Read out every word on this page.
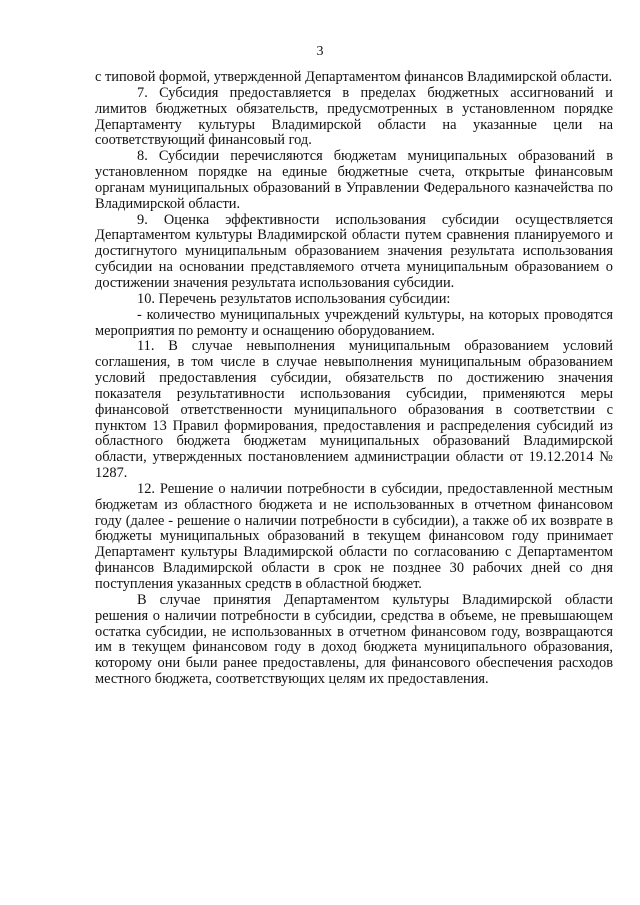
3

с типовой формой, утвержденной Департаментом финансов Владимирской области.

7. Субсидия предоставляется в пределах бюджетных ассигнований и лимитов бюджетных обязательств, предусмотренных в установленном порядке Департаменту культуры Владимирской области на указанные цели на соответствующий финансовый год.

8. Субсидии перечисляются бюджетам муниципальных образований в установленном порядке на единые бюджетные счета, открытые финансовым органам муниципальных образований в Управлении Федерального казначейства по Владимирской области.

9. Оценка эффективности использования субсидии осуществляется Департаментом культуры Владимирской области путем сравнения планируемого и достигнутого муниципальным образованием значения результата использования субсидии на основании представляемого отчета муниципальным образованием о достижении значения результата использования субсидии.

10. Перечень результатов использования субсидии:

- количество муниципальных учреждений культуры, на которых проводятся мероприятия по ремонту и оснащению оборудованием.

11. В случае невыполнения муниципальным образованием условий соглашения, в том числе в случае невыполнения муниципальным образованием условий предоставления субсидии, обязательств по достижению значения показателя результативности использования субсидии, применяются меры финансовой ответственности муниципального образования в соответствии с пунктом 13 Правил формирования, предоставления и распределения субсидий из областного бюджета бюджетам муниципальных образований Владимирской области, утвержденных постановлением администрации области от 19.12.2014 № 1287.

12. Решение о наличии потребности в субсидии, предоставленной местным бюджетам из областного бюджета и не использованных в отчетном финансовом году (далее - решение о наличии потребности в субсидии), а также об их возврате в бюджеты муниципальных образований в текущем финансовом году принимает Департамент культуры Владимирской области по согласованию с Департаментом финансов Владимирской области в срок не позднее 30 рабочих дней со дня поступления указанных средств в областной бюджет.

В случае принятия Департаментом культуры Владимирской области решения о наличии потребности в субсидии, средства в объеме, не превышающем остатка субсидии, не использованных в отчетном финансовом году, возвращаются им в текущем финансовом году в доход бюджета муниципального образования, которому они были ранее предоставлены, для финансового обеспечения расходов местного бюджета, соответствующих целям их предоставления.
